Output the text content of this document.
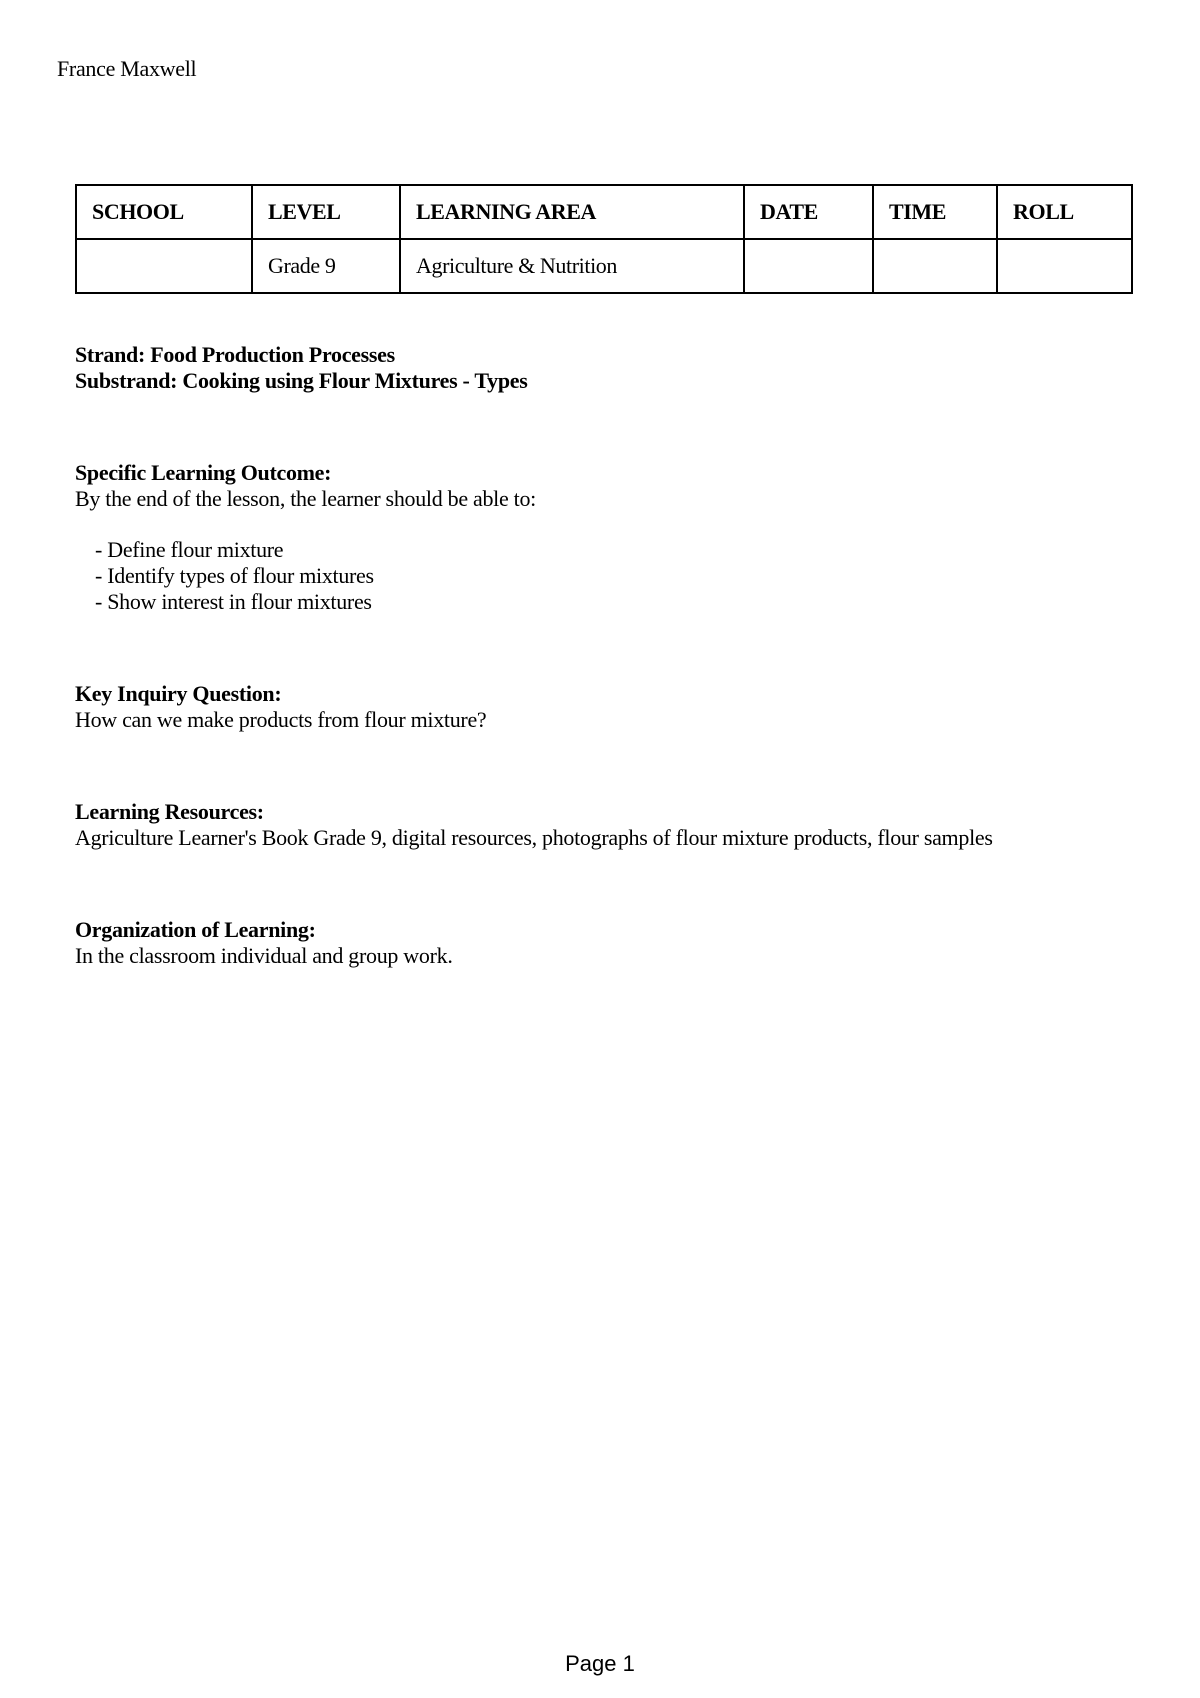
France Maxwell
SCHOOL	LEVEL	LEARNING AREA	DATE	TIME	ROLL
	Grade 9	Agriculture & Nutrition			

Strand: Food Production Processes

Substrand: Cooking using Flour Mixtures - Types

Specific Learning Outcome:

By the end of the lesson, the learner should be able to:

- Define flour mixture
- Identify types of flour mixtures
- Show interest in flour mixtures

Key Inquiry Question:

How can we make products from flour mixture?

Learning Resources:

Agriculture Learner's Book Grade 9, digital resources, photographs of flour mixture products, flour samples

Organization of Learning:

In the classroom individual and group work.

Page 1
